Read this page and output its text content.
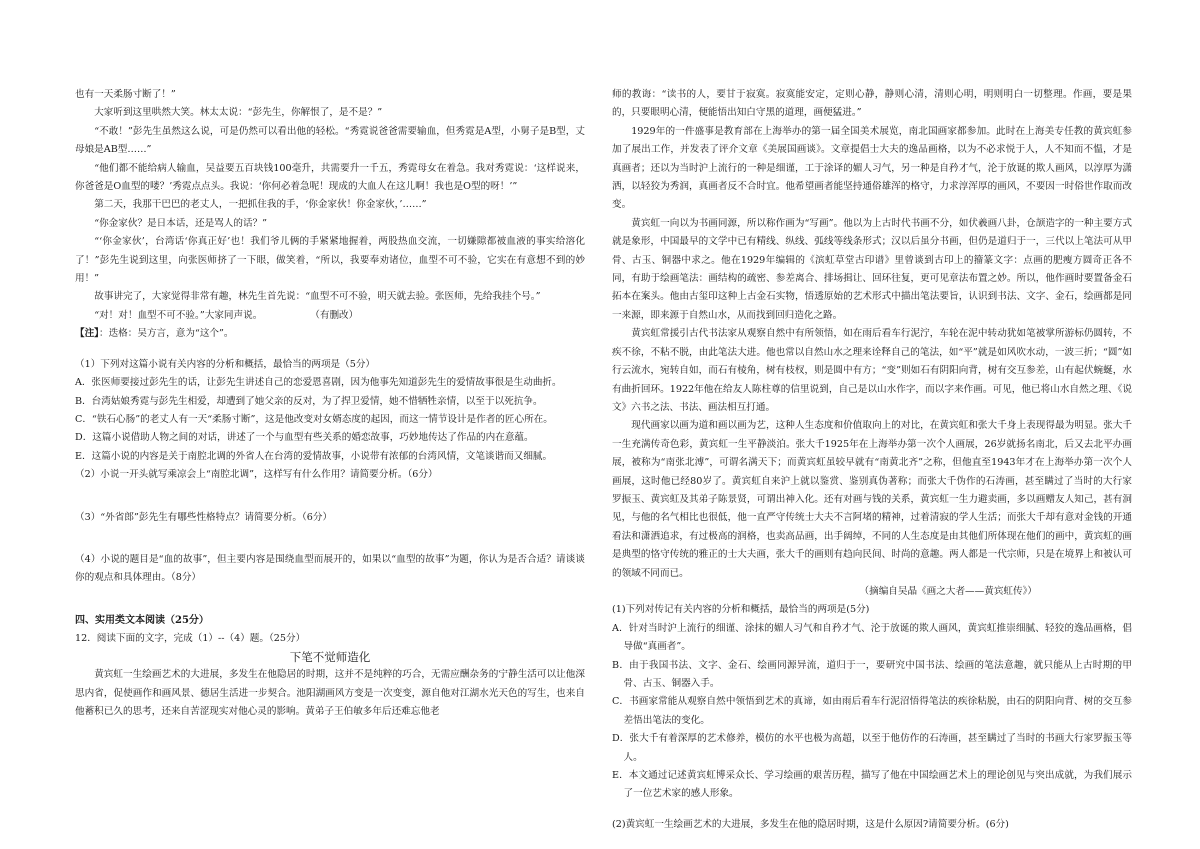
也有一天柔肠寸断了！”

大家听到这里哄然大笑。林太太说：“彭先生，你解恨了，是不是？”

“不敢！”彭先生虽然这么说，可是仍然可以看出他的轻松。“秀霓说爸爸需要输血，但秀霓是A型，小舅子是B型，丈母娘是AB型……”

“他们都不能给病人输血，吴益要五百块钱100毫升，共需要升一千五，秀霓母女在着急。我对秀霓说：‘这样说来，你爸爸是O血型的喽？’秀霓点点头。我说：‘你何必着急呢！现成的大血人在这儿啊！我也是O型的呀！’”

第二天，我那干巴巴的老丈人，一把抓住我的手，‘你金家伙！你金家伙，’……”

“你金家伙？是日本话，还是骂人的话？”

“‘你金家伙’，台湾话‘你真正好’也！我们爷儿俩的手紧紧地握着，两股热血交流，一切嫌隙都被血液的事实给溶化了！”彭先生说到这里，向张医师挤了一下眼，做笑着，“所以，我要奉劝诸位，血型不可不验，它实在有意想不到的妙用！”

故事讲完了，大家觉得非常有趣，林先生首先说：“血型不可不验，明天就去验。张医师，先给我挂个号。”

“对！对！血型不可不验。”大家同声说。　　　　　　	（有删改）

【注】：迭格：吴方言，意为“这个”。

（1）下列对这篇小说有关内容的分析和概括，最恰当的两项是（5分）

A．张医师要接过彭先生的话，让彭先生讲述自己的恋爱恩喜剧，因为他事先知道彭先生的爱情故事很是生动曲折。

B．台湾姑娘秀霓与彭先生相爱，却遭到了她父亲的反对，为了捍卫爱情，她不惜牺牲亲情，以至于以死抗争。

C．“铁石心肠”的老丈人有一天“柔肠寸断”，这是他改变对女婿态度的起因，而这一情节设计是作者的匠心所在。

D．这篇小说借助人物之间的对话，讲述了一个与血型有些关系的婚恋故事，巧妙地传达了作品的内在意蕴。

E．这篇小说的内容是关于南腔北调的外省人在台湾的爱情故事，小说带有浓郁的台湾风情，文笔谈谐而又细腻。

（2）小说一开头就写乘凉会上“南腔北调”，这样写有什么作用？请简要分析。（6分）

（3）“外省郎”彭先生有哪些性格特点？请简要分析。（6分）

（4）小说的题目是“血的故事”，但主要内容是围绕血型而展开的，如果以“血型的故事”为题，你认为是否合适？请谈谈你的观点和具体理由。（8分）

四、实用类文本阅读（25分）

12．阅读下面的文字，完成（1）--（4）题。（25分）

下笔不觉师造化

黄宾虹一生绘画艺术的大进展，多发生在他隐居的时期，这并不是纯粹的巧合，无需应酬杂务的宁静生活可以让他深思内省，促使画作和画风景、德居生活进一步契合。池阳湖画风方变是一次变变，源自他对江湖水光天色的写生，也来自他蓄积已久的思考，还来自苦涩现实对他心灵的影响。黄弟子王伯敏多年后还难忘他老

师的教诲：“读书的人，要甘于寂寞。寂寞能安定，定则心静，静则心清，清则心明，明则明白一切整理。作画，要是果的，只要眼明心清，便能悟出知白守黑的道理，画便猛进。”

1929年的一件盛事是教育部在上海举办的第一届全国美术展览，南北国画家都参加。此时在上海美专任教的黄宾虹参加了展出工作，并发表了评介文章《美展国画谈》。文章提倡士大夫的逸品画格，以为不必求悦于人，人不知而不愠，才是真画者；还以为当时沪上流行的一种是细谨，工于涂译的媚人习气，另一种是自矜才气，沦于放诞的欺人画风，以淳厚为潇洒，以轻狡为秀润，真画者反不合时宜。他希望画者能坚持通俗雄浑的格守，力求淳浑厚的画风，不要因一时俗世作取而改变。

黄宾虹一向以为书画同源，所以称作画为“写画”。他以为上古时代书画不分，如伏羲画八卦，仓颉造字的一种主要方式就是象形，中国最早的文学中已有精线、纵线、弧线等线条形式；汉以后虽分书画，但仍是道归于一，三代以上笔法可从甲骨、古玉、铜器中求之。他在1929年编辑的《滨虹草堂古印谱》里曾谈到古印上的籀篆文字：点画的肥瘦方圆奇正各不同，有助于绘画笔法：画结构的疏密、参差离合、排场揖让、回环往复，更可见章法布置之妙。所以，他作画时要置备金石拓本在案头。他由古玺印这种上古金石实物，悟透原始的艺术形式中描出笔法要旨，认识到书法、文字、金石，绘画都是同一来源，即来源于自然山水，从而找到回归造化之路。

黄宾虹常援引古代书法家从观察自然中有所领悟，如在雨后看车行泥泞，车轮在泥中转动犹如笔被掌所游标仍圆转，不疾不徐，不粘不脱，由此笔法大进。他也常以自然山水之理来诠释自己的笔法，如“平”就是如风吹水动，一波三折；“圆”如行云流水，宛转自如，而石有棱角，树有枝杈，则是圆中有方；“变”则如石有阴阳向背，树有交互参差，山有起伏蜿蜒，水有曲折回环。1922年他在给友人陈柱尊的信里说到，自己是以山水作字，而以字来作画。可见，他已将山水自然之理、《说文》六书之法、书法、画法相互打通。

现代画家以画为道和画以画为艺，这种人生态度和价值取向上的对比，在黄宾虹和张大千身上表现得最为明显。张大千一生充满传奇色彩，黄宾虹一生平静淡泊。张大千1925年在上海举办第一次个人画展，26岁就扬名南北，后又去北平办画展，被称为“南张北溥”，可谓名满天下；而黄宾虹虽较早就有“南黄北齐”之称，但他直至1943年才在上海举办第一次个人画展，这时他已经80岁了。黄宾虹自来沪上就以鉴赏、鉴别真伪著称；而张大千伪作的石涛画，甚至瞒过了当时的大行家罗振玉、黄宾虹及其弟子陈景贤，可谓出神入化。还有对画与钱的关系，黄宾虹一生力避卖画，多以画赠友人知己，甚有洞见，与他的名气相比也很低，他一直严守传统士大夫不言阿堵的精神，过着清寂的学人生活；而张大千却有意对金钱的开通看法和潇洒追求，有过极高的润格，也卖高品画，出手阔绰，不同的人生态度是由其他们所体现在他们的画中，黄宾虹的画是典型的恪守传统的雅正的士大夫画，张大千的画则有趋向民间、时尚的意趣。两人都是一代宗师，只是在境界上和被认可的领域不同而已。

（摘编自吴晶《画之大者——黄宾虹传》）

(1)下列对传记有关内容的分析和概括，最恰当的两项是(5分)

A．针对当时沪上流行的细谨、涂抹的媚人习气和自矜才气、沦于放诞的欺人画风，黄宾虹推崇细腻、轻狡的逸品画格，倡导做“真画者”。

B．由于我国书法、文字、金石、绘画同源异流，道归于一，要研究中国书法、绘画的笔法意趣，就只能从上古时期的甲骨、古玉、铜器入手。

C．书画家常能从观察自然中领悟到艺术的真谛，如由雨后看车行泥沼悟得笔法的疾徐粘脱，由石的阴阳向背、树的交互参差悟出笔法的变化。

D．张大千有着深厚的艺术修养，模仿的水平也极为高超，以至于他仿作的石涛画，甚至瞒过了当时的书画大行家罗振玉等人。

E．本文通过记述黄宾虹博采众长、学习绘画的艰苦历程，描写了他在中国绘画艺术上的理论创见与突出成就，为我们展示了一位艺术家的感人形象。

(2)黄宾虹一生绘画艺术的大进展，多发生在他的隐居时期，这是什么原因?请简要分析。(6分)
